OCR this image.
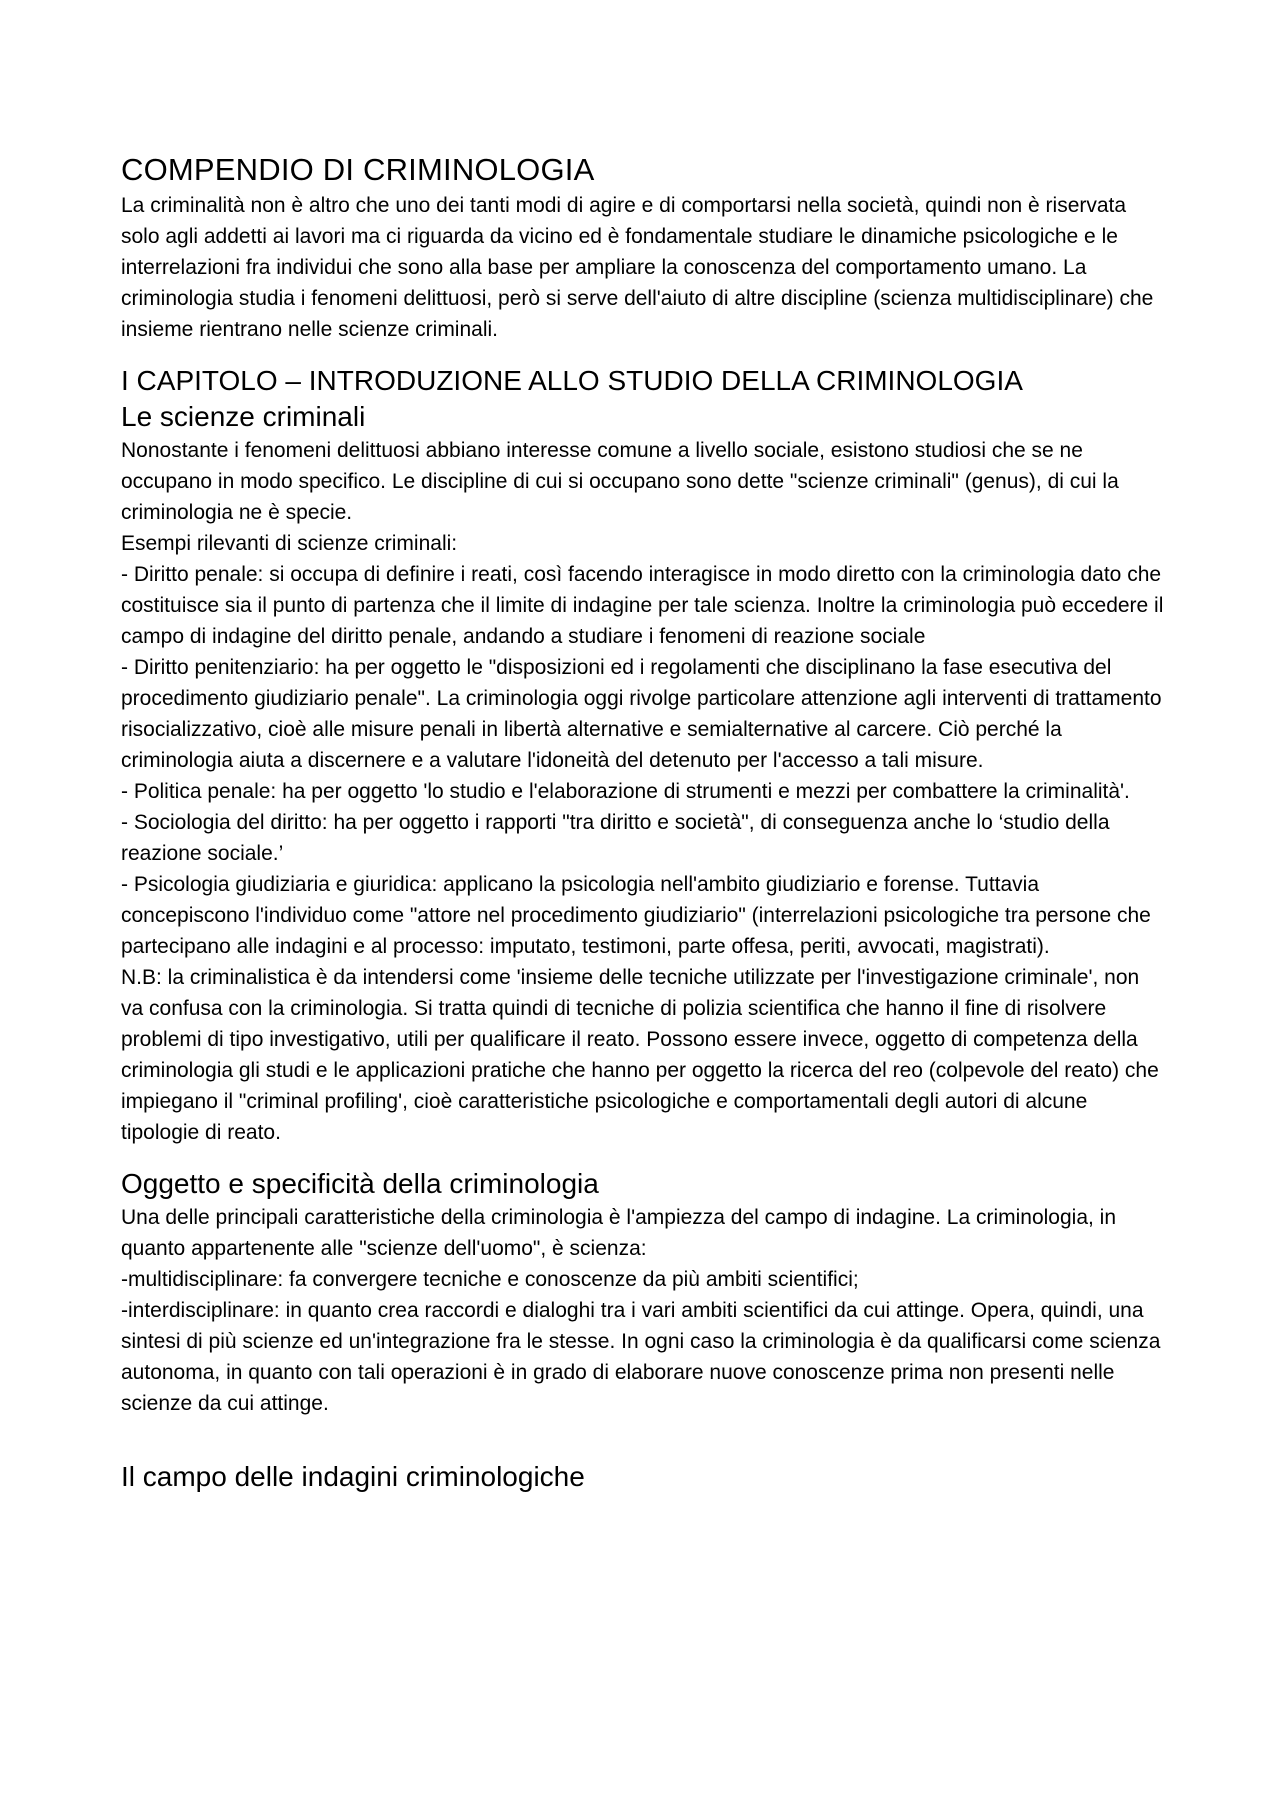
COMPENDIO DI CRIMINOLOGIA

La criminalità non è altro che uno dei tanti modi di agire e di comportarsi nella società, quindi non è riservata solo agli addetti ai lavori ma ci riguarda da vicino ed è fondamentale studiare le dinamiche psicologiche e le interrelazioni fra individui che sono alla base per ampliare la conoscenza del comportamento umano. La criminologia studia i fenomeni delittuosi, però si serve dell'aiuto di altre discipline (scienza multidisciplinare) che insieme rientrano nelle scienze criminali.

I CAPITOLO – INTRODUZIONE ALLO STUDIO DELLA CRIMINOLOGIA
Le scienze criminali

Nonostante i fenomeni delittuosi abbiano interesse comune a livello sociale, esistono studiosi che se ne occupano in modo specifico. Le discipline di cui si occupano sono dette "scienze criminali" (genus), di cui la criminologia ne è specie.

Esempi rilevanti di scienze criminali:

- Diritto penale: si occupa di definire i reati, così facendo interagisce in modo diretto con la criminologia dato che costituisce sia il punto di partenza che il limite di indagine per tale scienza. Inoltre la criminologia può eccedere il campo di indagine del diritto penale, andando a studiare i fenomeni di reazione sociale

- Diritto penitenziario: ha per oggetto le "disposizioni ed i regolamenti che disciplinano la fase esecutiva del procedimento giudiziario penale". La criminologia oggi rivolge particolare attenzione agli interventi di trattamento risocializzativo, cioè alle misure penali in libertà alternative e semialternative al carcere. Ciò perché la criminologia aiuta a discernere e a valutare l'idoneità del detenuto per l'accesso a tali misure.

- Politica penale: ha per oggetto 'lo studio e l'elaborazione di strumenti e mezzi per combattere la criminalità'.

- Sociologia del diritto: ha per oggetto i rapporti "tra diritto e società", di conseguenza anche lo ‘studio della reazione sociale.’

- Psicologia giudiziaria e giuridica: applicano la psicologia nell'ambito giudiziario e forense. Tuttavia concepiscono l'individuo come "attore nel procedimento giudiziario" (interrelazioni psicologiche tra persone che partecipano alle indagini e al processo: imputato, testimoni, parte offesa, periti, avvocati, magistrati).

N.B: la criminalistica è da intendersi come 'insieme delle tecniche utilizzate per l'investigazione criminale', non va confusa con la criminologia. Si tratta quindi di tecniche di polizia scientifica che hanno il fine di risolvere problemi di tipo investigativo, utili per qualificare il reato. Possono essere invece, oggetto di competenza della criminologia gli studi e le applicazioni pratiche che hanno per oggetto la ricerca del reo (colpevole del reato) che impiegano il "criminal profiling', cioè caratteristiche psicologiche e comportamentali degli autori di alcune tipologie di reato.

Oggetto e specificità della criminologia

Una delle principali caratteristiche della criminologia è l'ampiezza del campo di indagine. La criminologia, in quanto appartenente alle "scienze dell'uomo", è scienza:

-multidisciplinare: fa convergere tecniche e conoscenze da più ambiti scientifici;

-interdisciplinare: in quanto crea raccordi e dialoghi tra i vari ambiti scientifici da cui attinge. Opera, quindi, una sintesi di più scienze ed un'integrazione fra le stesse. In ogni caso la criminologia è da qualificarsi come scienza autonoma, in quanto con tali operazioni è in grado di elaborare nuove conoscenze prima non presenti nelle scienze da cui attinge.

Il campo delle indagini criminologiche
